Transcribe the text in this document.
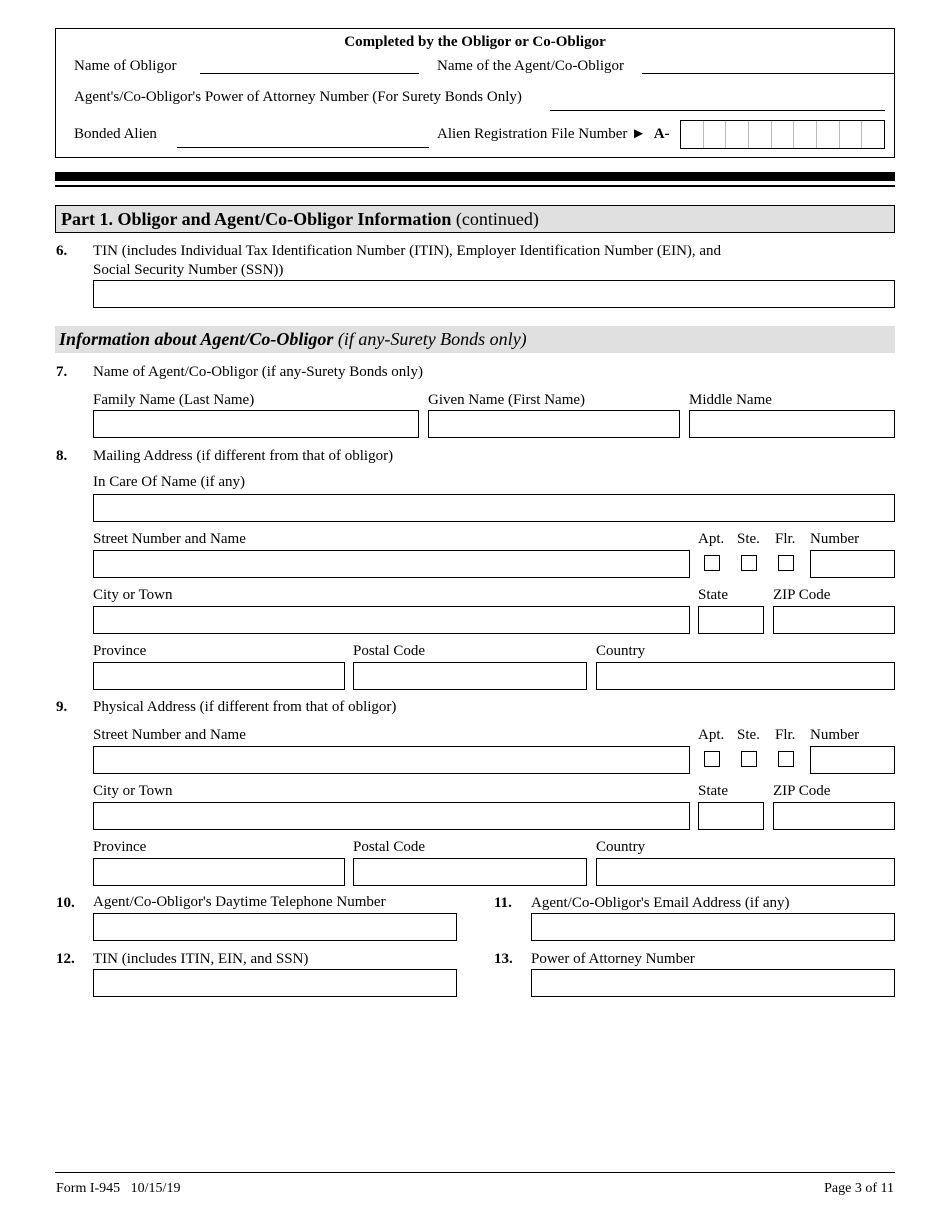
Completed by the Obligor or Co-Obligor
Name of Obligor	Name of the Agent/Co-Obligor
Agent's/Co-Obligor's Power of Attorney Number (For Surety Bonds Only)
Bonded Alien	Alien Registration File Number ► A-
Part 1. Obligor and Agent/Co-Obligor Information (continued)
6. TIN (includes Individual Tax Identification Number (ITIN), Employer Identification Number (EIN), and
Social Security Number (SSN))
Information about Agent/Co-Obligor (if any-Surety Bonds only)
7. Name of Agent/Co-Obligor (if any-Surety Bonds only)
Family Name (Last Name)	Given Name (First Name)	Middle Name
8. Mailing Address (if different from that of obligor)
In Care Of Name (if any)
Street Number and Name	Apt. Ste. Flr. Number
City or Town	State	ZIP Code
Province	Postal Code	Country
9. Physical Address (if different from that of obligor)
Street Number and Name	Apt. Ste. Flr. Number
City or Town	State	ZIP Code
Province	Postal Code	Country
10. Agent/Co-Obligor's Daytime Telephone Number	11. Agent/Co-Obligor's Email Address (if any)
12. TIN (includes ITIN, EIN, and SSN)	13. Power of Attorney Number
Form I-945   10/15/19	Page 3 of 11
